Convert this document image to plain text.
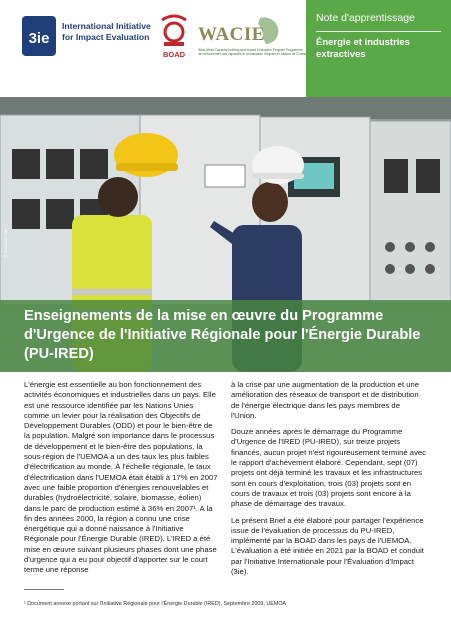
3ie
International Initiative for Impact Evaluation
BOAD
WACIE
West Africa Capacity-building and Impact Evaluation Program Programme de renforcement des capacités et d'évaluation d'impact en Afrique de l'Ouest
Note d'apprentissage
Énergie et industries extractives
© Itrebuste / 3ie
Enseignements de la mise en œuvre du Programme d'Urgence de l'Initiative Régionale pour l'Énergie Durable (PU-IRED)

L'énergie est essentielle au bon fonctionnement des activités économiques et industrielles dans un pays. Elle est une ressource identifiée par les Nations Unies comme un levier pour la réalisation des Objectifs de Développement Durables (ODD) et pour le bien-être de la population. Malgré son importance dans le processus de développement et le bien-être des populations, la sous-région de l'UEMOA a un des taux les plus faibles d'électrification au monde. À l'échelle régionale, le taux d'électrification dans l'UEMOA était établi à 17% en 2007 avec une faible proportion d'énergies renouvelables et durables (hydroélectricité, solaire, biomasse, éolien) dans le parc de production estimé à 36% en 2007¹. A la fin des années 2000, la région a connu une crise énergétique qui a donné naissance à l'Initiative Régionale pour l'Énergie Durable (IRED). L'IRED a été mise en œuvre suivant plusieurs phases dont une phase d'urgence qui a eu pour objectif d'apporter sur le court terme une réponse

à la crise par une augmentation de la production et une amélioration des réseaux de transport et de distribution de l'énergie électrique dans les pays membres de l'Union.

Douze années après le démarrage du Programme d'Urgence de l'IRED (PU-IRED), sur treize projets financés, aucun projet n'est rigoureusement terminé avec le rapport d'achèvement élaboré. Cependant, sept (07) projets ont déjà terminé les travaux et les infrastructures sont en cours d'exploitation, trois (03) projets sont en cours de travaux et trois (03) projets sont encore à la phase de démarrage des travaux.

Le présent Brief a été élaboré pour partager l'expérience issue de l'évaluation de processus du PU-IRED, implémenté par la BOAD dans les pays de l'UEMOA. L'évaluation a été initiée en 2021 par la BOAD et conduit par l'Initiative Internationale pour l'Évaluation d'Impact (3ie).

¹ Document annexe portant sur l'Initiative Régionale pour l'Énergie Durable (IRED), Septembre 2009, UEMOA
